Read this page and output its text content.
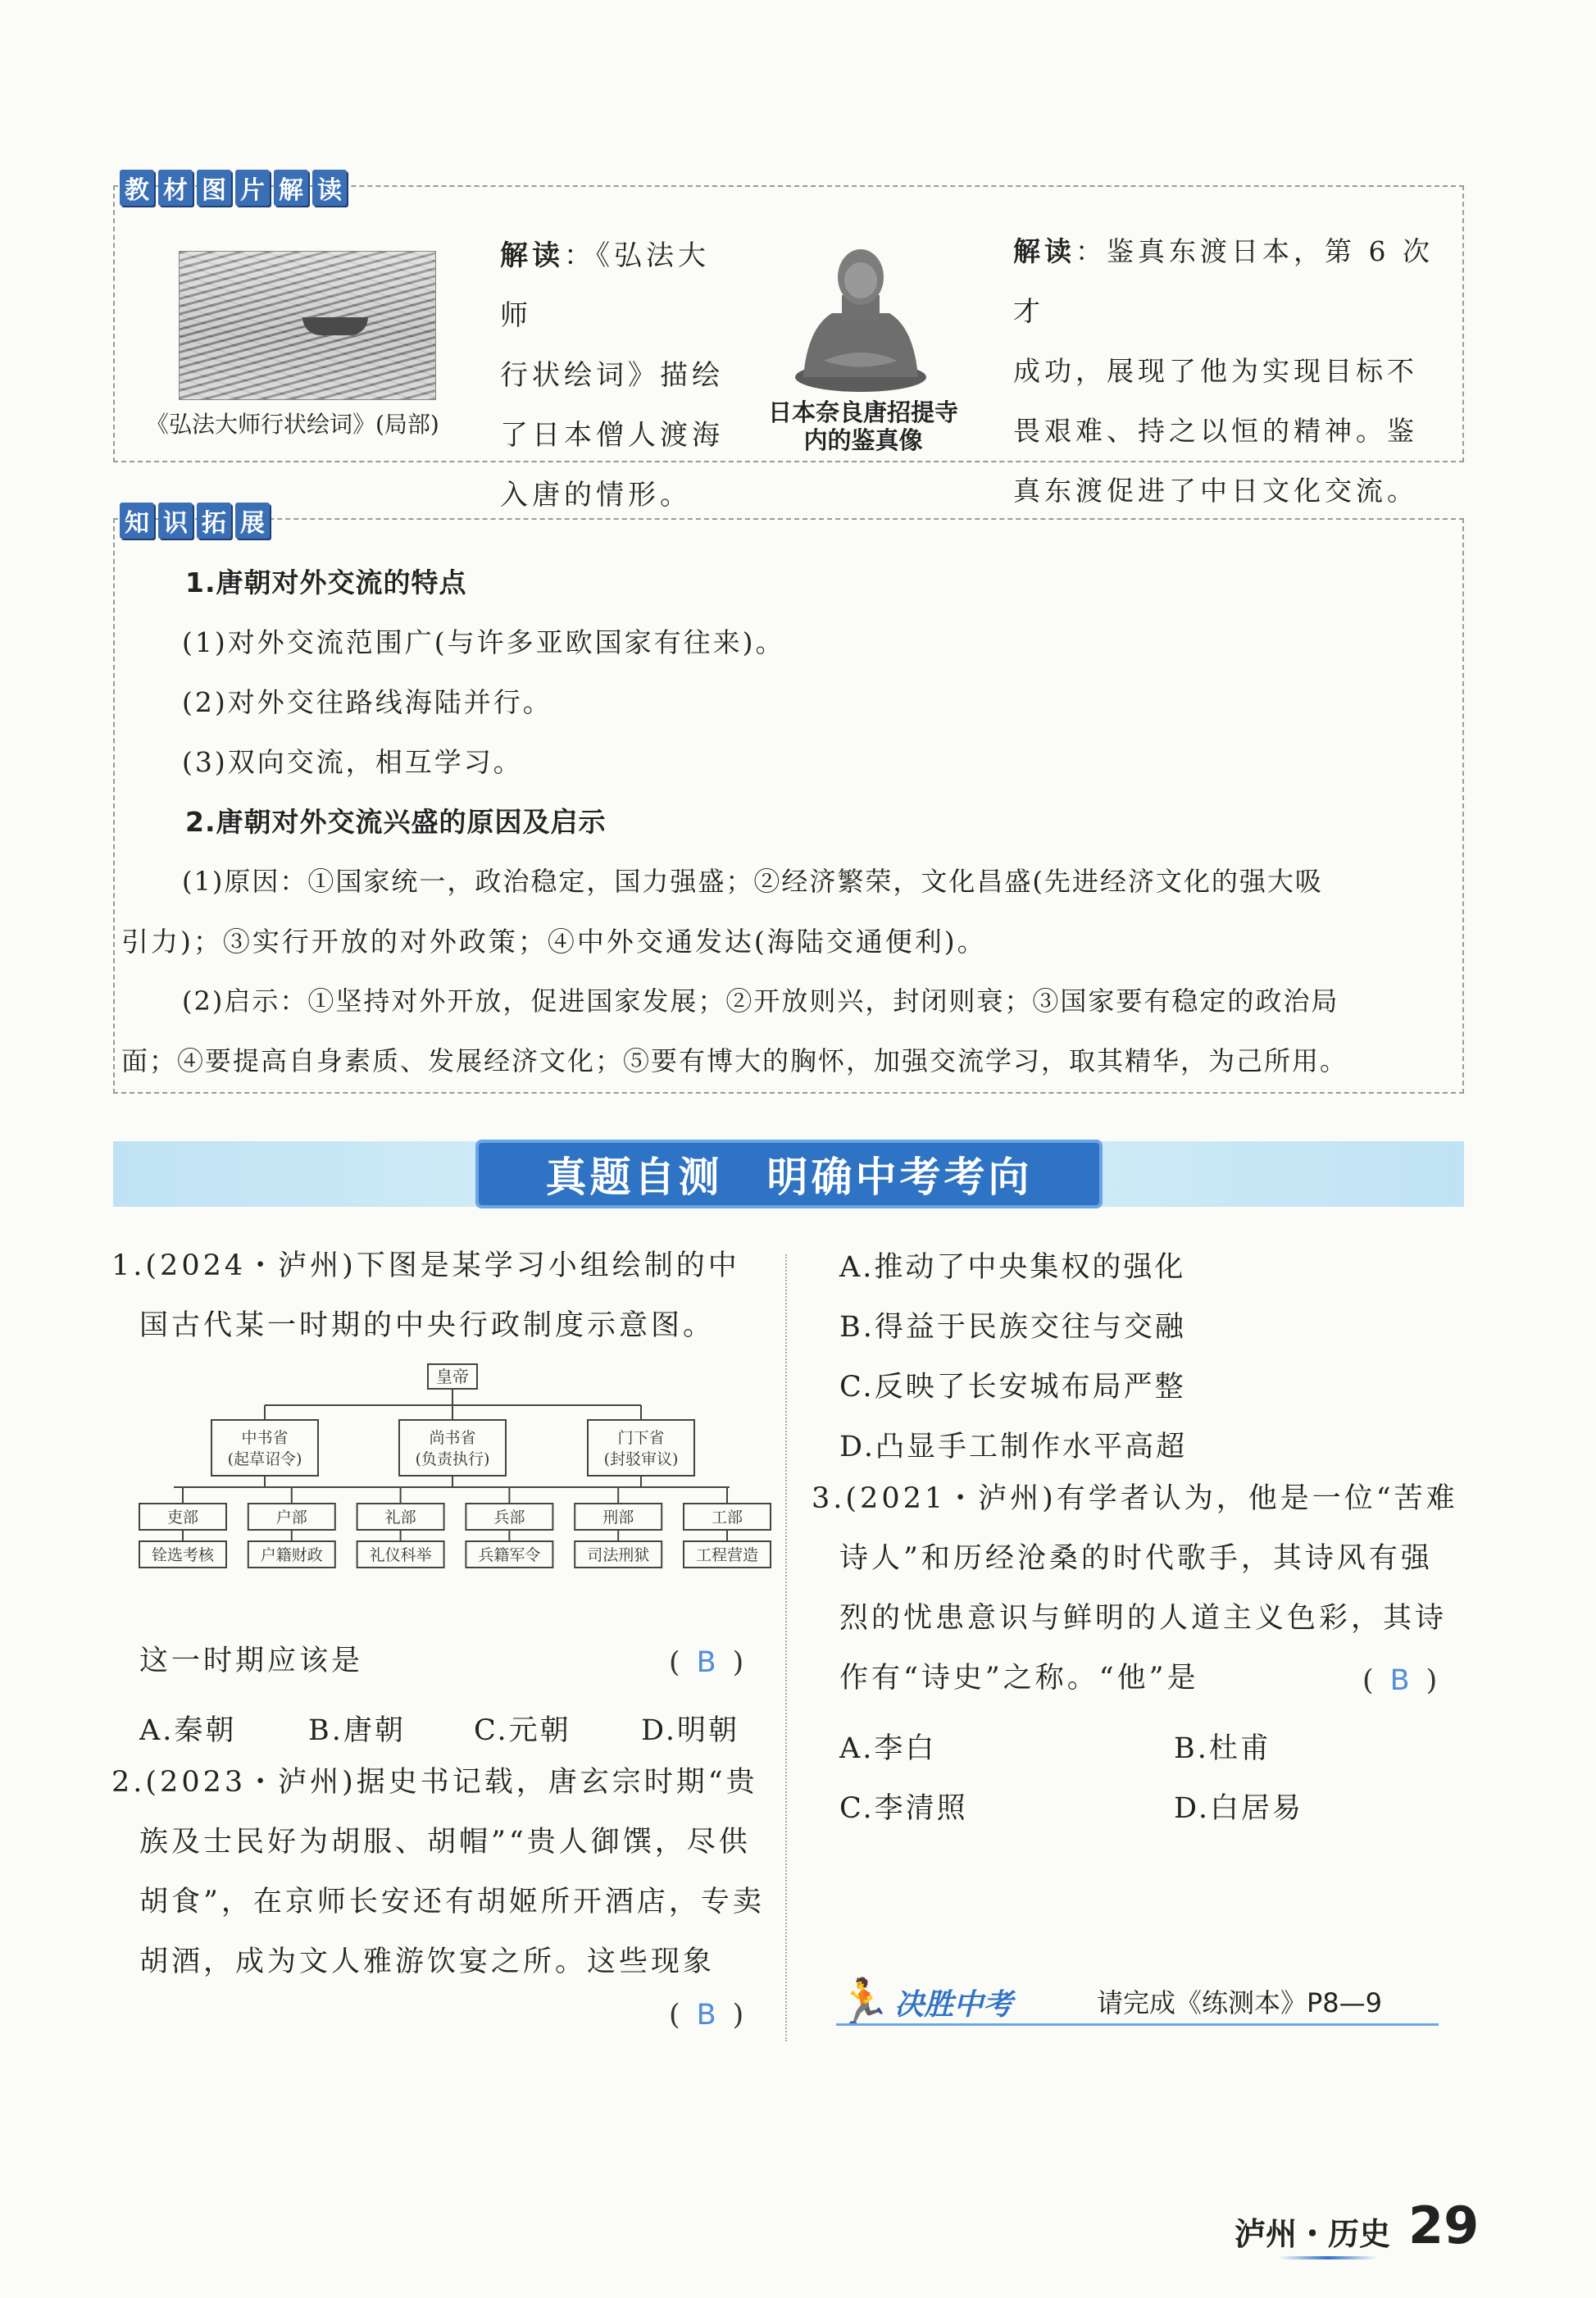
教 材 图 片 解 读
《弘法大师行状绘词》(局部)
解读：《弘法大师
行状绘词》描绘
了日本僧人渡海
入唐的情形。
日本奈良唐招提寺
内的鉴真像
解读：鉴真东渡日本，第 6 次才
成功，展现了他为实现目标不
畏艰难、持之以恒的精神。鉴
真东渡促进了中日文化交流。
知 识 拓 展
1.唐朝对外交流的特点
(1)对外交流范围广(与许多亚欧国家有往来)。
(2)对外交往路线海陆并行。
(3)双向交流，相互学习。
2.唐朝对外交流兴盛的原因及启示
(1)原因：①国家统一，政治稳定，国力强盛；②经济繁荣，文化昌盛(先进经济文化的强大吸
引力)；③实行开放的对外政策；④中外交通发达(海陆交通便利)。
(2)启示：①坚持对外开放，促进国家发展；②开放则兴，封闭则衰；③国家要有稳定的政治局
面；④要提高自身素质、发展经济文化；⑤要有博大的胸怀，加强交流学习，取其精华，为己所用。
真题自测　明确中考考向
1.(2024・泸州)下图是某学习小组绘制的中
国古代某一时期的中央行政制度示意图。
皇帝
中书省
(起草诏令)
尚书省
(负责执行)
门下省
(封驳审议)
吏部
铨选考核
户部
户籍财政
礼部
礼仪科举
兵部
兵籍军令
刑部
司法刑狱
工部
工程营造
这一时期应该是	( B )
A.秦朝	B.唐朝 C.元朝 D.明朝
2.(2023・泸州)据史书记载，唐玄宗时期“贵
族及士民好为胡服、胡帽”“贵人御馔，尽供
胡食”，在京师长安还有胡姬所开酒店，专卖
胡酒，成为文人雅游饮宴之所。这些现象
( B )
A.推动了中央集权的强化
B.得益于民族交往与交融
C.反映了长安城布局严整
D.凸显手工制作水平高超
3.(2021・泸州)有学者认为，他是一位“苦难
诗人”和历经沧桑的时代歌手，其诗风有强
烈的忧患意识与鲜明的人道主义色彩，其诗
作有“诗史”之称。“他”是	( B )
A.李白	B.杜甫
C.李清照	D.白居易
🏃 决胜中考	请完成《练测本》P8—9
泸州・历史 29
